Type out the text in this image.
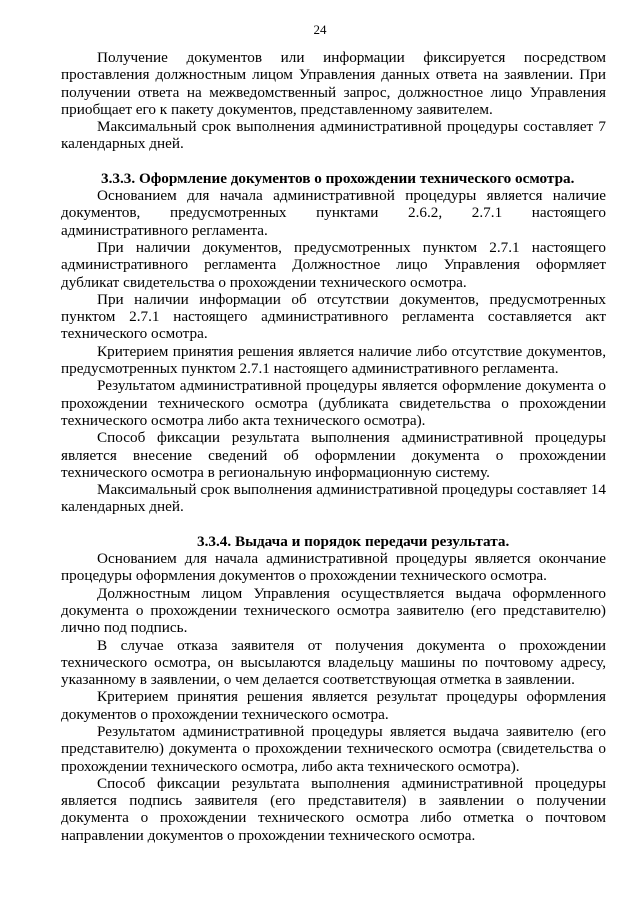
24

Получение документов или информации фиксируется посредством проставления должностным лицом Управления данных ответа на заявлении. При получении ответа на межведомственный запрос, должностное лицо Управления приобщает его к пакету документов, представленному заявителем.

Максимальный срок выполнения административной процедуры составляет 7 календарных дней.

3.3.3. Оформление документов о прохождении технического осмотра.

Основанием для начала административной процедуры является наличие документов, предусмотренных пунктами 2.6.2, 2.7.1 настоящего административного регламента.

При наличии документов, предусмотренных пунктом 2.7.1 настоящего административного регламента Должностное лицо Управления оформляет дубликат свидетельства о прохождении технического осмотра.

При наличии информации об отсутствии документов, предусмотренных пунктом 2.7.1 настоящего административного регламента составляется акт технического осмотра.

Критерием принятия решения является наличие либо отсутствие документов, предусмотренных пунктом 2.7.1 настоящего административного регламента.

Результатом административной процедуры является оформление документа о прохождении технического осмотра (дубликата свидетельства о прохождении технического осмотра либо акта технического осмотра).

Способ фиксации результата выполнения административной процедуры является внесение сведений об оформлении документа о прохождении технического осмотра в региональную информационную систему.

Максимальный срок выполнения административной процедуры составляет 14 календарных дней.

3.3.4. Выдача и порядок передачи результата.

Основанием для начала административной процедуры является окончание процедуры оформления документов о прохождении технического осмотра.

Должностным лицом Управления осуществляется выдача оформленного документа о прохождении технического осмотра заявителю (его представителю) лично под подпись.

В случае отказа заявителя от получения документа о прохождении технического осмотра, он высылаются владельцу машины по почтовому адресу, указанному в заявлении, о чем делается соответствующая отметка в заявлении.

Критерием принятия решения является результат процедуры оформления документов о прохождении технического осмотра.

Результатом административной процедуры является выдача заявителю (его представителю) документа о прохождении технического осмотра (свидетельства о прохождении технического осмотра, либо акта технического осмотра).

Способ фиксации результата выполнения административной процедуры является подпись заявителя (его представителя) в заявлении о получении документа о прохождении технического осмотра либо отметка о почтовом направлении документов о прохождении технического осмотра.
